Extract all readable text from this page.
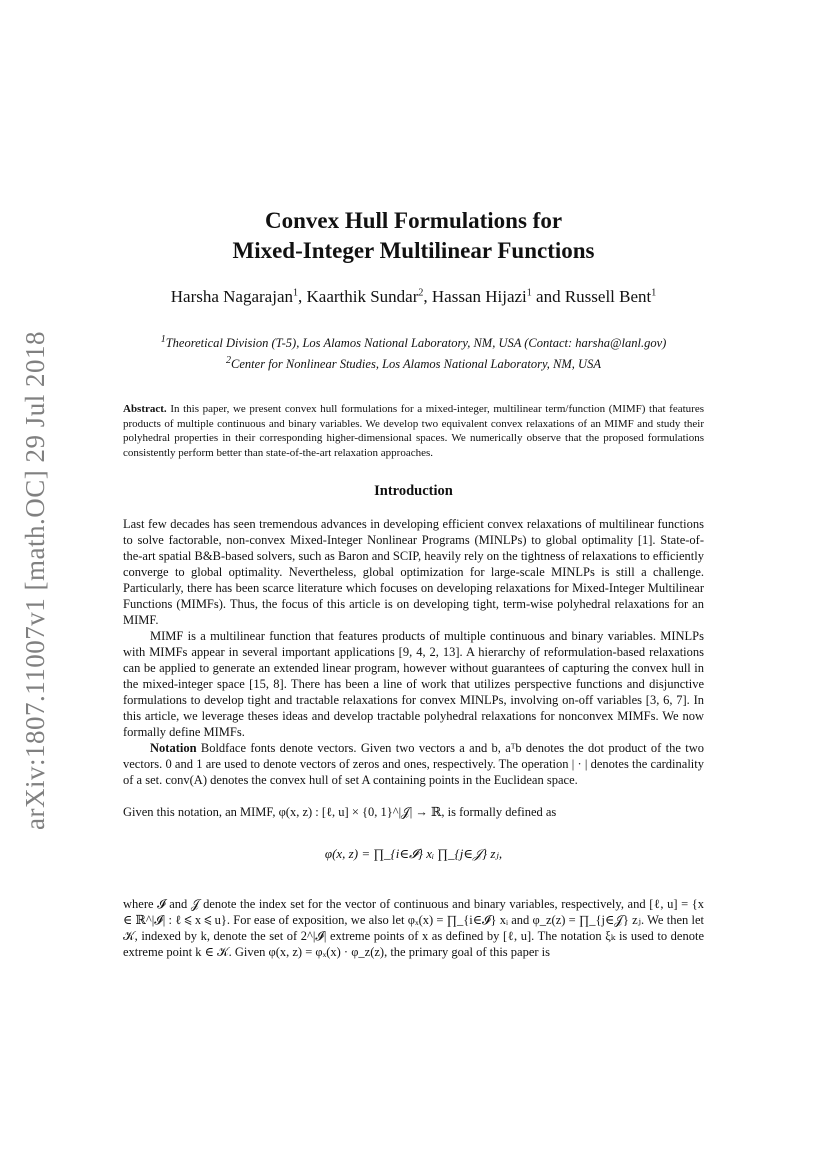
arXiv:1807.11007v1 [math.OC] 29 Jul 2018
Convex Hull Formulations for
Mixed-Integer Multilinear Functions
Harsha Nagarajan$^1$, Kaarthik Sundar$^2$, Hassan Hijazi$^1$ and Russell Bent$^1$
$^1$Theoretical Division (T-5), Los Alamos National Laboratory, NM, USA (Contact: harsha@lanl.gov)
$^2$Center for Nonlinear Studies, Los Alamos National Laboratory, NM, USA
Abstract. In this paper, we present convex hull formulations for a mixed-integer, multilinear term/function (MIMF) that features products of multiple continuous and binary variables. We develop two equivalent convex relaxations of an MIMF and study their polyhedral properties in their corresponding higher-dimensional spaces. We numerically observe that the proposed formulations consistently perform better than state-of-the-art relaxation approaches.
Introduction

Last few decades has seen tremendous advances in developing efficient convex relaxations of multilinear functions to solve factorable, non-convex Mixed-Integer Nonlinear Programs (MINLPs) to global optimality [1]. State-of-the-art spatial B&B-based solvers, such as Baron and SCIP, heavily rely on the tightness of relaxations to efficiently converge to global optimality. Nevertheless, global optimization for large-scale MINLPs is still a challenge. Particularly, there has been scarce literature which focuses on developing relaxations for Mixed-Integer Multilinear Functions (MIMFs). Thus, the focus of this article is on developing tight, term-wise polyhedral relaxations for an MIMF.

MIMF is a multilinear function that features products of multiple continuous and binary variables. MINLPs with MIMFs appear in several important applications [9, 4, 2, 13]. A hierarchy of reformulation-based relaxations can be applied to generate an extended linear program, however without guarantees of capturing the convex hull in the mixed-integer space [15, 8]. There has been a line of work that utilizes perspective functions and disjunctive formulations to develop tight and tractable relaxations for convex MINLPs, involving on-off variables [3, 6, 7]. In this article, we leverage theses ideas and develop tractable polyhedral relaxations for nonconvex MIMFs. We now formally define MIMFs.

Notation Boldface fonts denote vectors. Given two vectors a and b, aᵀb denotes the dot product of the two vectors. 0 and 1 are used to denote vectors of zeros and ones, respectively. The operation | · | denotes the cardinality of a set. conv(A) denotes the convex hull of set A containing points in the Euclidean space.

Given this notation, an MIMF, φ(x, z) : [ℓ, u] × {0, 1}^|𝒥| → ℝ, is formally defined as

φ(x, z) = ∏_{i∈𝓘} xᵢ ∏_{j∈𝒥} zⱼ,

where 𝓘 and 𝒥 denote the index set for the vector of continuous and binary variables, respectively, and [ℓ, u] = {x ∈ ℝ^|𝓘| : ℓ ⩽ x ⩽ u}. For ease of exposition, we also let φₓ(x) = ∏_{i∈𝓘} xᵢ and φ_z(z) = ∏_{j∈𝒥} zⱼ. We then let 𝒦, indexed by k, denote the set of 2^|𝓘| extreme points of x as defined by [ℓ, u]. The notation ξₖ is used to denote extreme point k ∈ 𝒦. Given φ(x, z) = φₓ(x) · φ_z(z), the primary goal of this paper is
